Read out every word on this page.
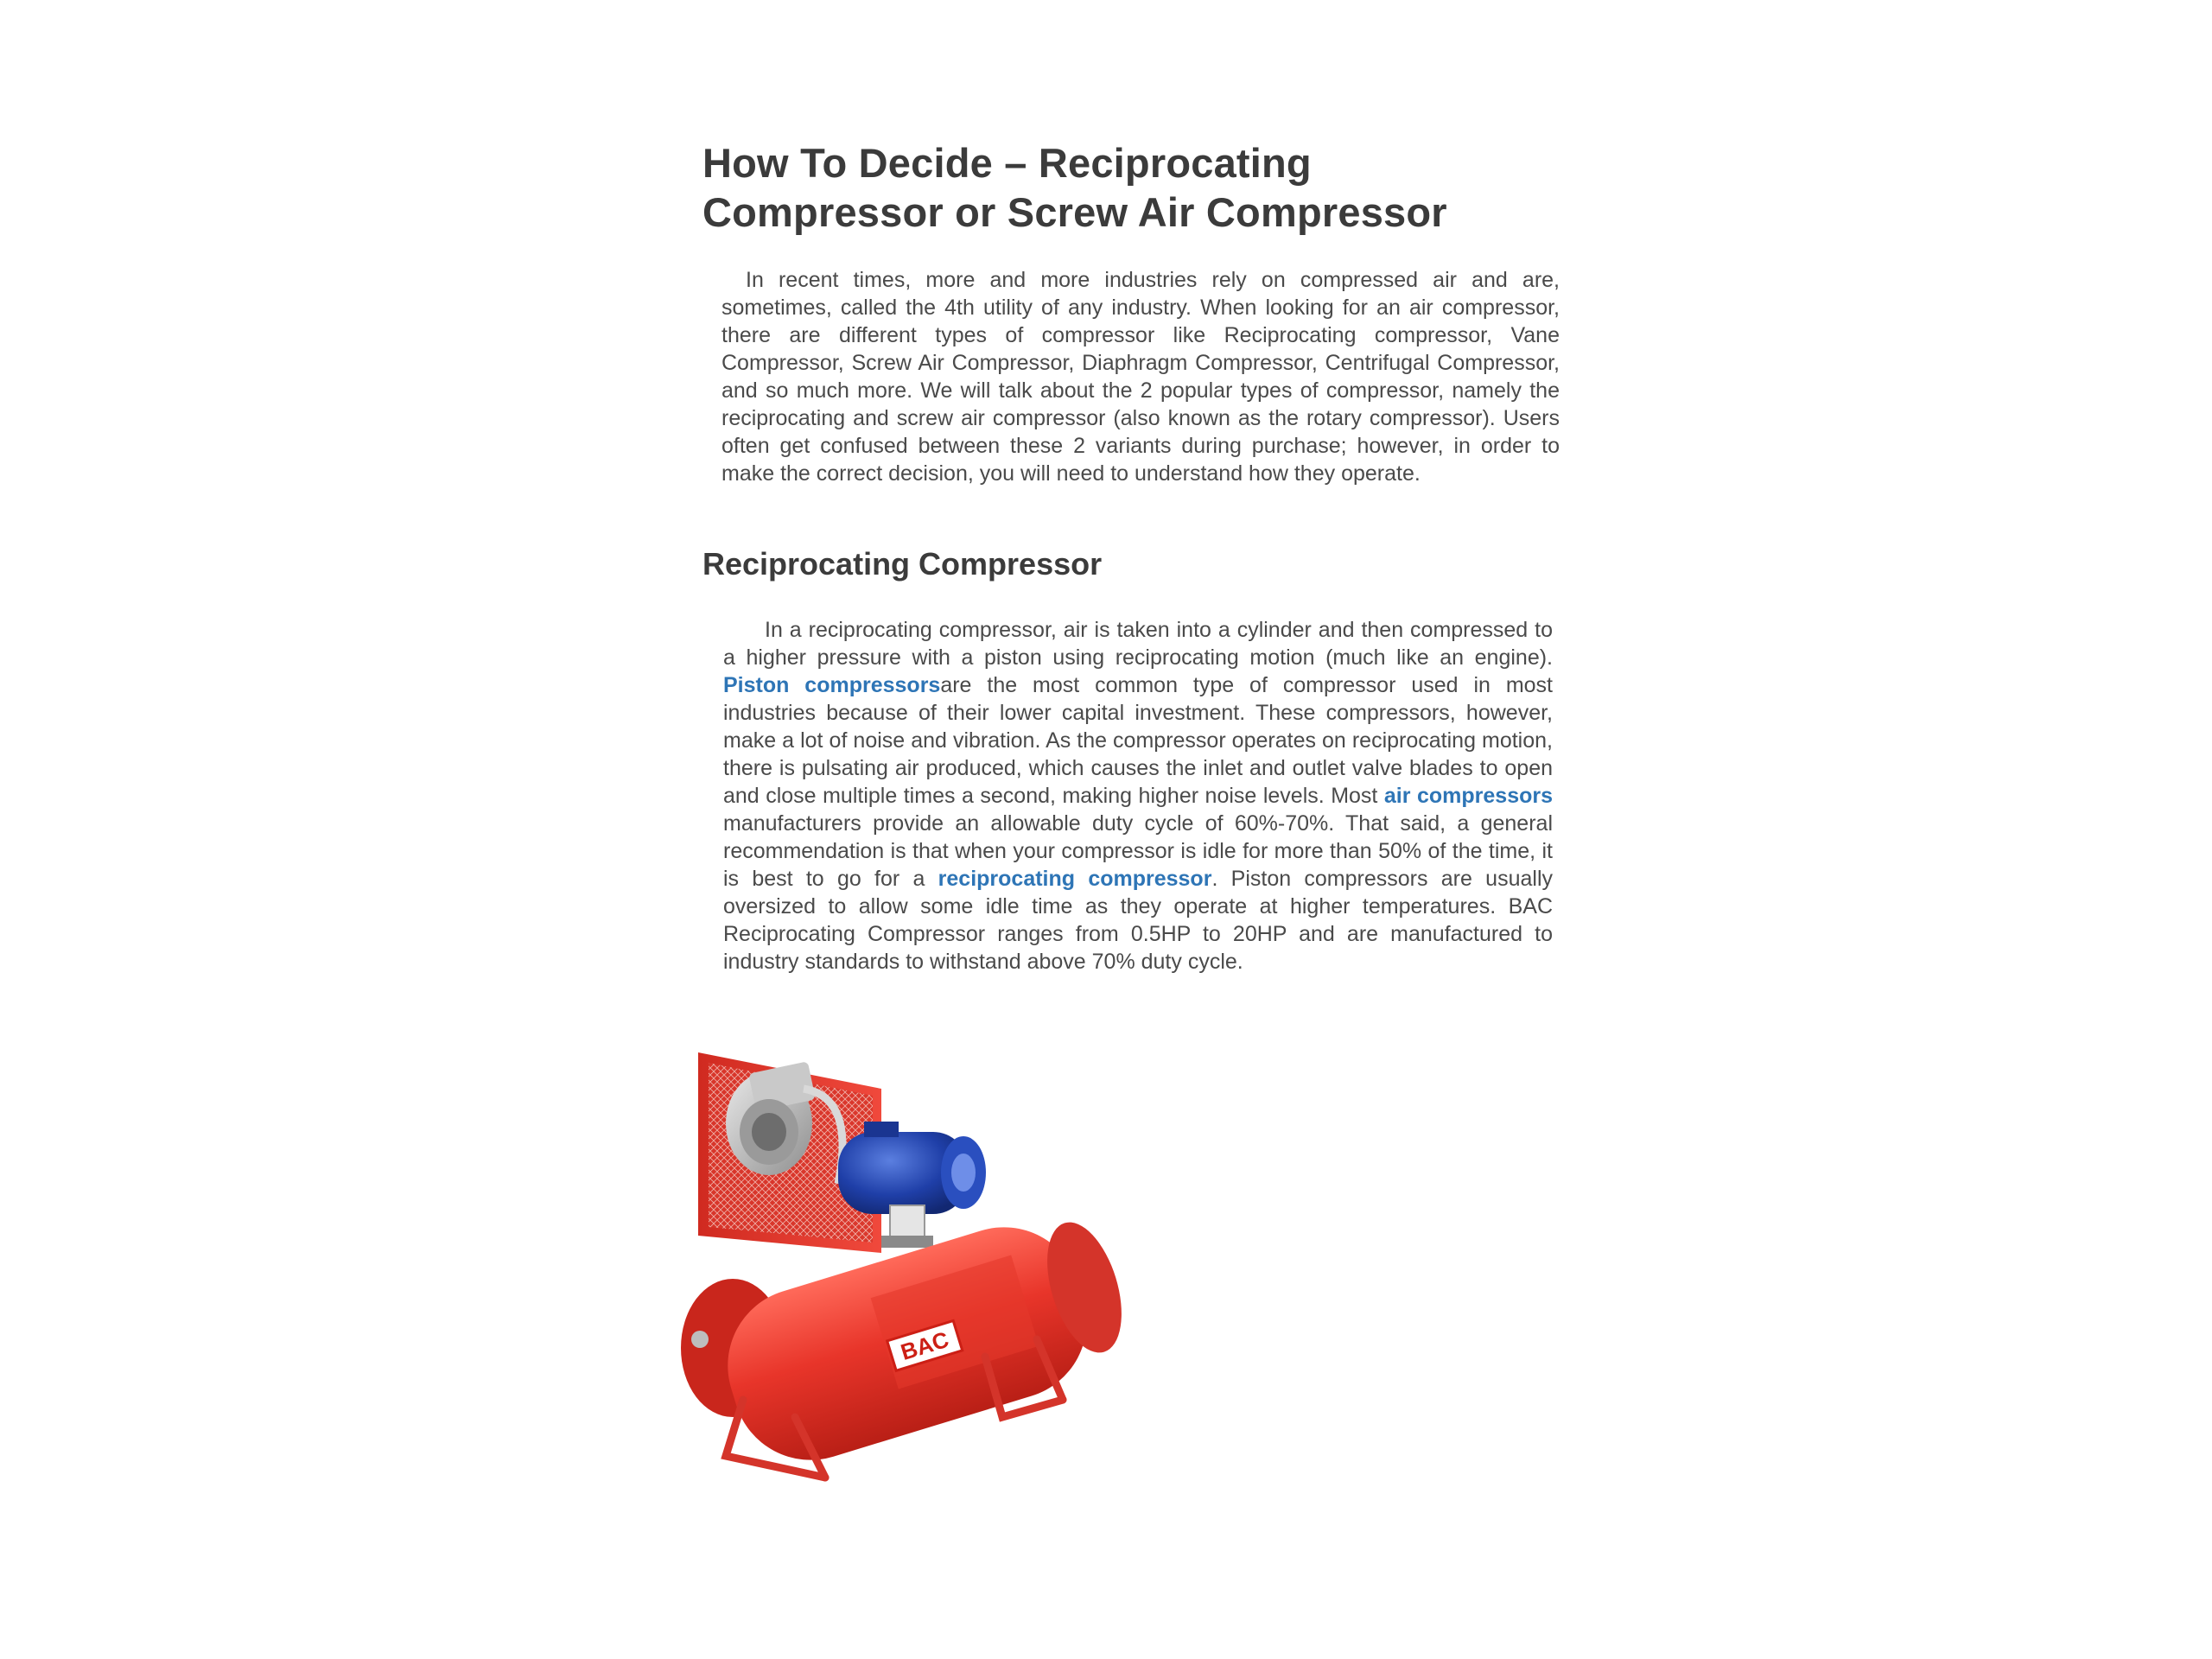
How To Decide – Reciprocating
Compressor or Screw Air Compressor

In recent times, more and more industries rely on compressed air and are, sometimes, called the 4th utility of any industry. When looking for an air compressor, there are different types of compressor like Reciprocating compressor, Vane Compressor, Screw Air Compressor, Diaphragm Compressor, Centrifugal Compressor, and so much more. We will talk about the 2 popular types of compressor, namely the reciprocating and screw air compressor (also known as the rotary compressor). Users often get confused between these 2 variants during purchase; however, in order to make the correct decision, you will need to understand how they operate.

Reciprocating Compressor

In a reciprocating compressor, air is taken into a cylinder and then compressed to a higher pressure with a piston using reciprocating motion (much like an engine). Piston compressorsare the most common type of compressor used in most industries because of their lower capital investment. These compressors, however, make a lot of noise and vibration. As the compressor operates on reciprocating motion, there is pulsating air produced, which causes the inlet and outlet valve blades to open and close multiple times a second, making higher noise levels. Most air compressors manufacturers provide an allowable duty cycle of 60%-70%. That said, a general recommendation is that when your compressor is idle for more than 50% of the time, it is best to go for a reciprocating compressor. Piston compressors are usually oversized to allow some idle time as they operate at higher temperatures. BAC Reciprocating Compressor ranges from 0.5HP to 20HP and are manufactured to industry standards to withstand above 70% duty cycle.

BAC
